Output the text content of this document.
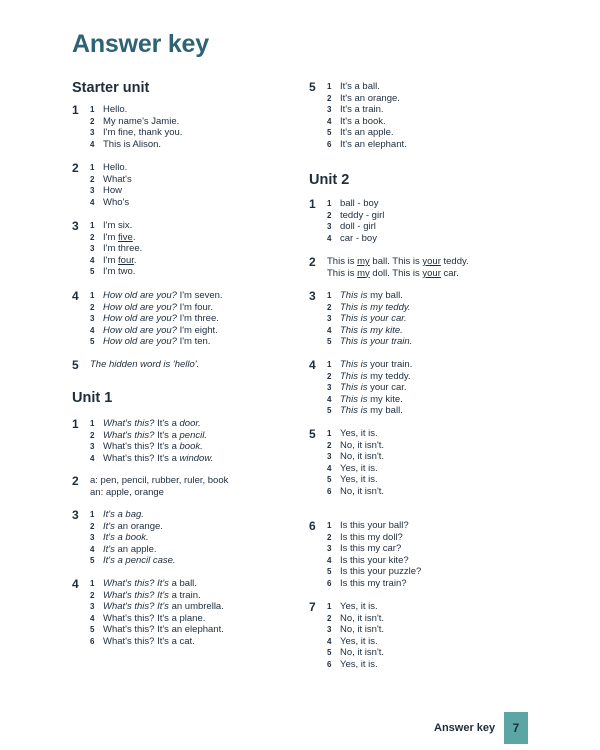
Answer key
Starter unit
1 1 Hello.
2 My name's Jamie.
3 I'm fine, thank you.
4 This is Alison.
2 1 Hello.
2 What's
3 How
4 Who's
3 1 I'm six.
2 I'm five.
3 I'm three.
4 I'm four.
5 I'm two.
4 1 How old are you? I'm seven.
2 How old are you? I'm four.
3 How old are you? I'm three.
4 How old are you? I'm eight.
5 How old are you? I'm ten.
5 The hidden word is 'hello'.
Unit 1
1 1 What's this? It's a door.
2 What's this? It's a pencil.
3 What's this? It's a book.
4 What's this? It's a window.
2 a: pen, pencil, rubber, ruler, book
an: apple, orange
3 1 It's a bag.
2 It's an orange.
3 It's a book.
4 It's an apple.
5 It's a pencil case.
4 1 What's this? It's a ball.
2 What's this? It's a train.
3 What's this? It's an umbrella.
4 What's this? It's a plane.
5 What's this? It's an elephant.
6 What's this? It's a cat.
5 1 It's a ball.
2 It's an orange.
3 It's a train.
4 It's a book.
5 It's an apple.
6 It's an elephant.
Unit 2
1 1 ball - boy
2 teddy - girl
3 doll - girl
4 car - boy
2 This is my ball. This is your teddy.
This is my doll. This is your car.
3 1 This is my ball.
2 This is my teddy.
3 This is your car.
4 This is my kite.
5 This is your train.
4 1 This is your train.
2 This is my teddy.
3 This is your car.
4 This is my kite.
5 This is my ball.
5 1 Yes, it is.
2 No, it isn't.
3 No, it isn't.
4 Yes, it is.
5 Yes, it is.
6 No, it isn't.
6 1 Is this your ball?
2 Is this my doll?
3 Is this my car?
4 Is this your kite?
5 Is this your puzzle?
6 Is this my train?
7 1 Yes, it is.
2 No, it isn't.
3 No, it isn't.
4 Yes, it is.
5 No, it isn't.
6 Yes, it is.
Answer key 7
